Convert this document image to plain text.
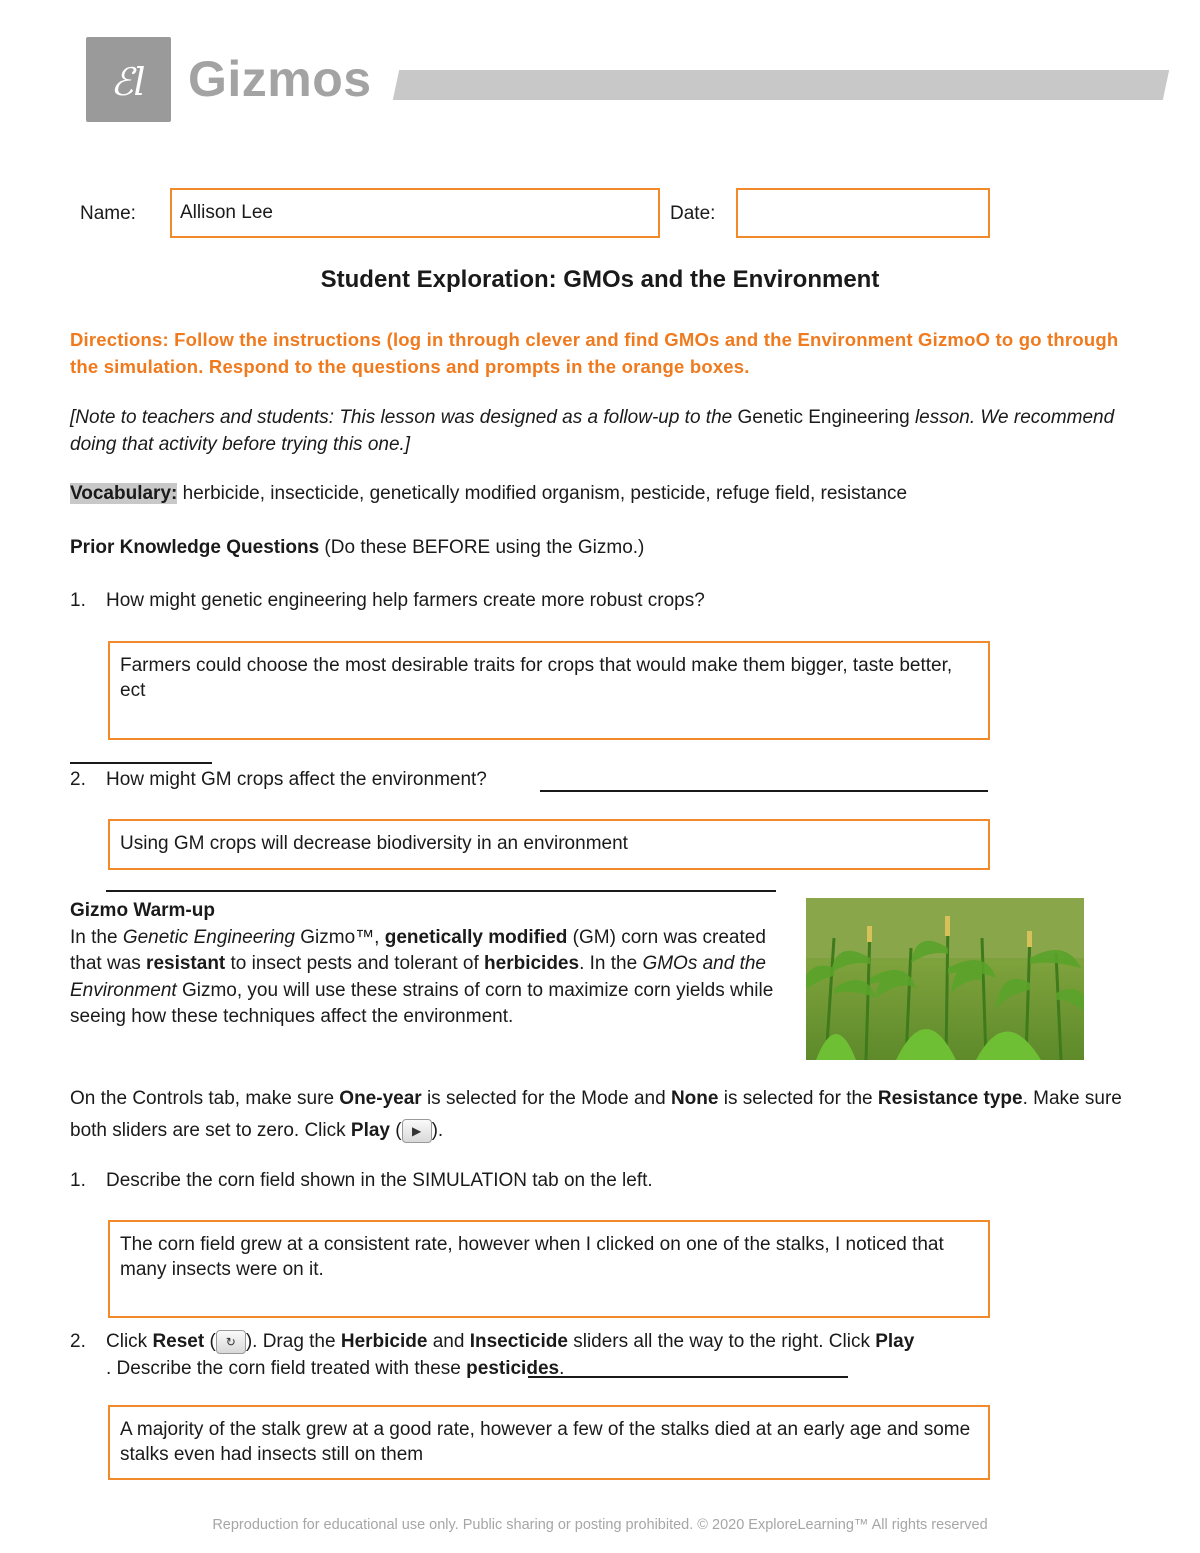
ℰl Gizmos
Name: Allison Lee	Date:
Student Exploration: GMOs and the Environment
Directions: Follow the instructions (log in through clever and find GMOs and the Environment GizmoO to go through the simulation. Respond to the questions and prompts in the orange boxes.
[Note to teachers and students: This lesson was designed as a follow-up to the Genetic Engineering lesson. We recommend doing that activity before trying this one.]
Vocabulary: herbicide, insecticide, genetically modified organism, pesticide, refuge field, resistance
Prior Knowledge Questions (Do these BEFORE using the Gizmo.)
1. How might genetic engineering help farmers create more robust crops?
Farmers could choose the most desirable traits for crops that would make them bigger, taste better, ect
2. How might GM crops affect the environment?
Using GM crops will decrease biodiversity in an environment
Gizmo Warm-up
In the Genetic Engineering Gizmo™, genetically modified (GM) corn was created that was resistant to insect pests and tolerant of herbicides. In the GMOs and the Environment Gizmo, you will use these strains of corn to maximize corn yields while seeing how these techniques affect the environment.
On the Controls tab, make sure One-year is selected for the Mode and None is selected for the Resistance type. Make sure both sliders are set to zero. Click Play ( ▶ ).
1. Describe the corn field shown in the SIMULATION tab on the left.
The corn field grew at a consistent rate, however when I clicked on one of the stalks, I noticed that many insects were on it.
2. Click Reset ( ↻ ). Drag the Herbicide and Insecticide sliders all the way to the right. Click Play
. Describe the corn field treated with these pesticides.
A majority of the stalk grew at a good rate, however a few of the stalks died at an early age and some stalks even had insects still on them
Reproduction for educational use only. Public sharing or posting prohibited. © 2020 ExploreLearning™ All rights reserved
